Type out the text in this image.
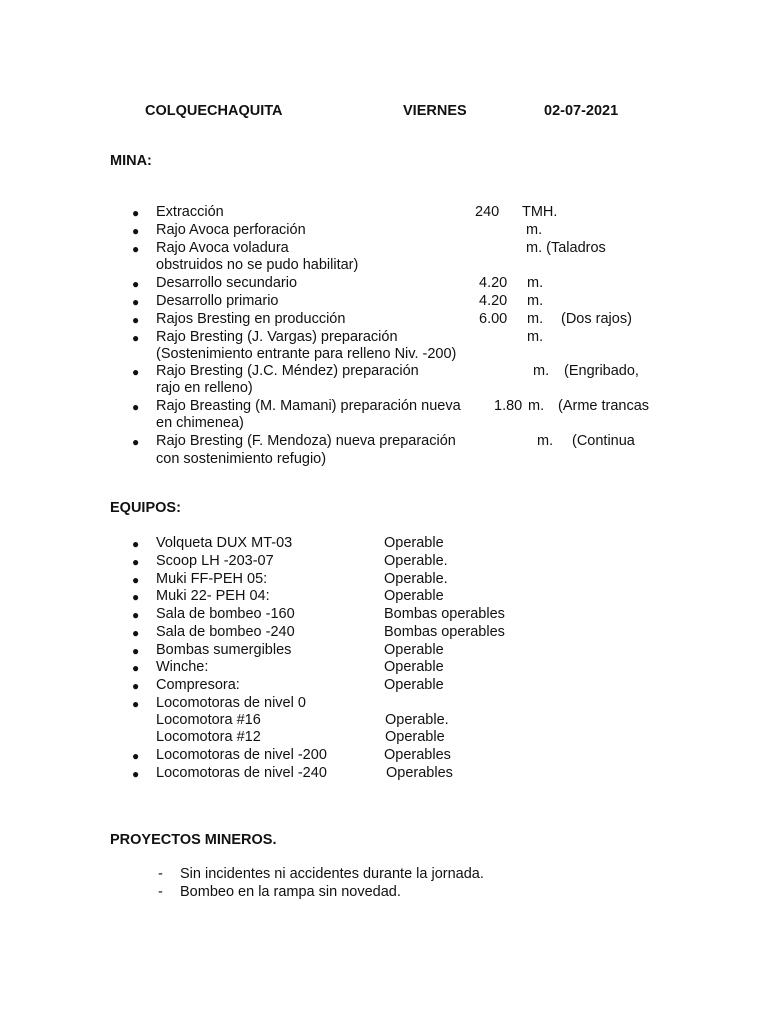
COLQUECHAQUITA	VIERNES	02-07-2021
MINA:
● Extracción	240 TMH.
● Rajo Avoca perforación	m.
● Rajo Avoca voladura	m. (Taladros
obstruidos no se pudo habilitar)
● Desarrollo secundario	4.20 m.
● Desarrollo primario	4.20 m.
● Rajos Bresting en producción	6.00 m. (Dos rajos)
● Rajo Bresting (J. Vargas) preparación	m.
(Sostenimiento entrante para relleno Niv. -200)
● Rajo Bresting (J.C. Méndez) preparación	m. (Engribado,
rajo en relleno)
● Rajo Breasting (M. Mamani) preparación nueva 1.80 m. (Arme trancas
en chimenea)
● Rajo Bresting (F. Mendoza) nueva preparación	m. (Continua
con sostenimiento refugio)
EQUIPOS:
● Volqueta DUX MT-03	Operable
● Scoop LH -203-07	Operable.
● Muki FF-PEH 05:	Operable.
● Muki 22- PEH 04:	Operable
● Sala de bombeo -160	Bombas operables
● Sala de bombeo -240	Bombas operables
● Bombas sumergibles	Operable
● Winche:	Operable
● Compresora:	Operable
● Locomotoras de nivel 0
Locomotora #16	Operable.
Locomotora #12	Operable
● Locomotoras de nivel -200	Operables
● Locomotoras de nivel -240	Operables
PROYECTOS MINEROS.
- Sin incidentes ni accidentes durante la jornada.
- Bombeo en la rampa sin novedad.
